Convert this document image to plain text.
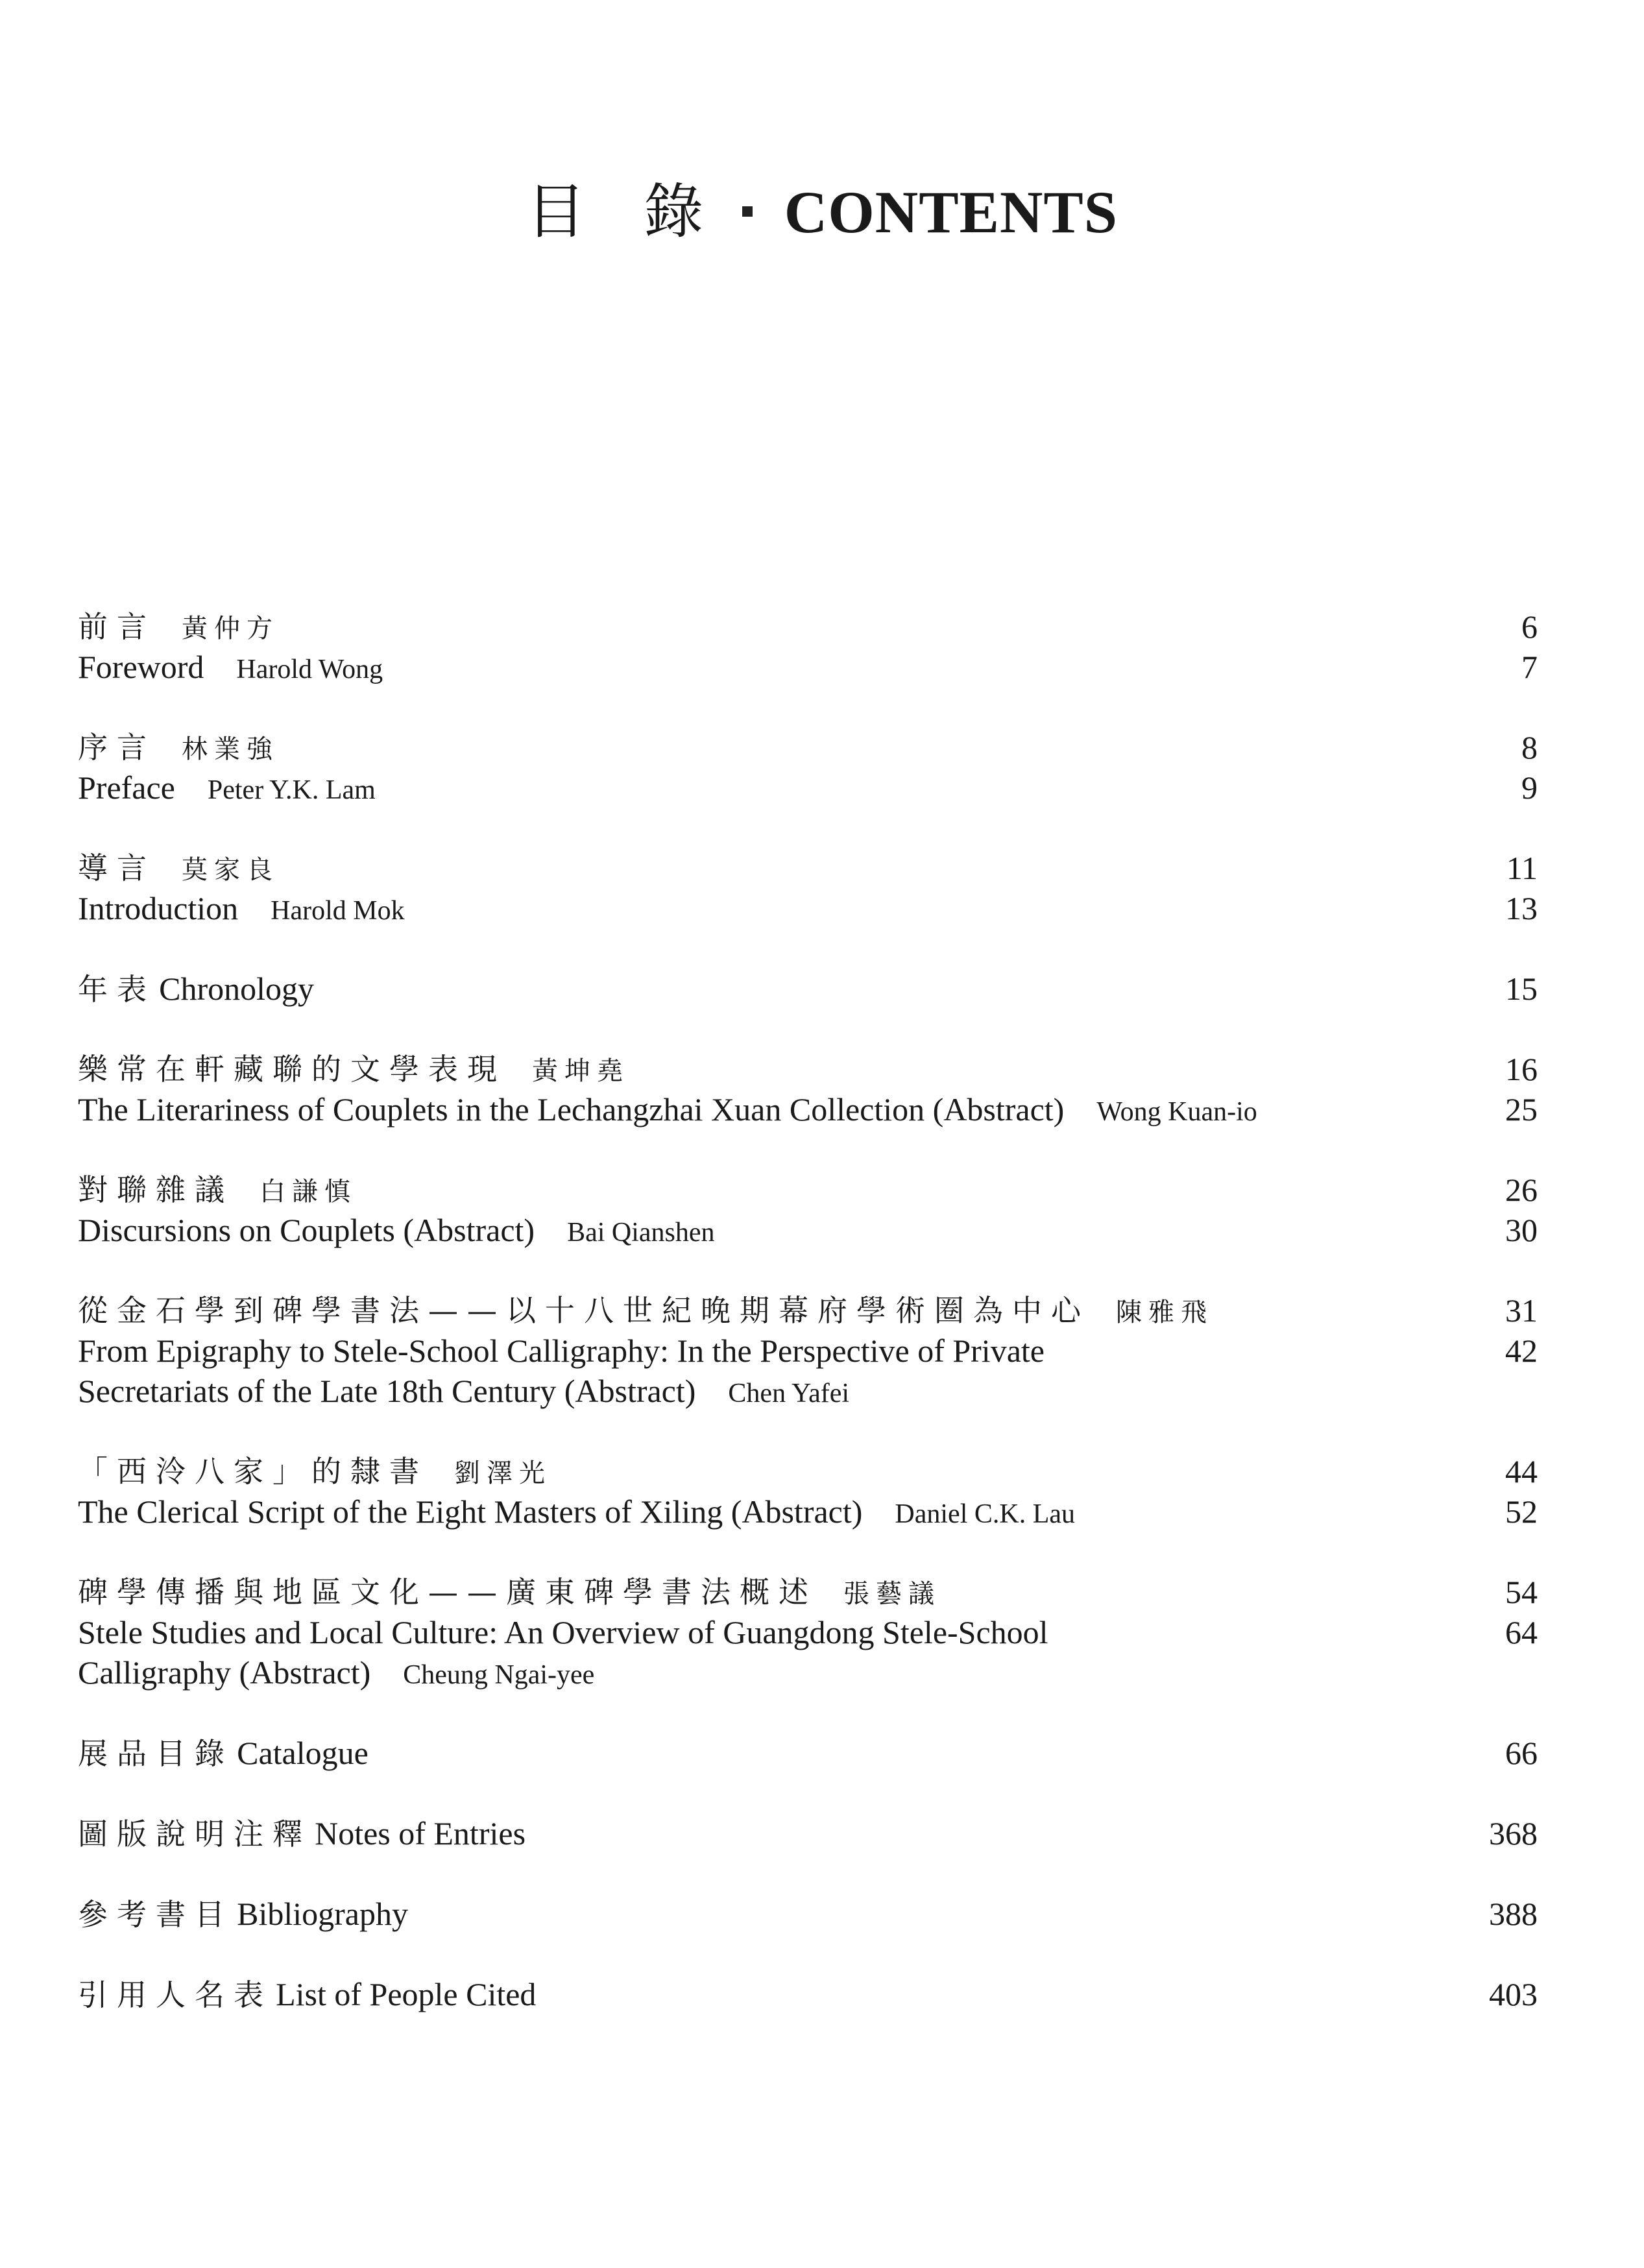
目 錄 CONTENTS
前言 黃仲方	6
Foreword Harold Wong	7
序言 林業強	8
Preface Peter Y.K. Lam	9
導言 莫家良	11
Introduction Harold Mok	13
年表 Chronology	15
樂常在軒藏聯的文學表現 黃坤堯	16
The Literariness of Couplets in the Lechangzhai Xuan Collection (Abstract) Wong Kuan-io	25
對聯雜議 白謙慎	26
Discursions on Couplets (Abstract) Bai Qianshen	30
從金石學到碑學書法——以十八世紀晚期幕府學術圈為中心 陳雅飛	31
From Epigraphy to Stele-School Calligraphy: In the Perspective of Private	42
Secretariats of the Late 18th Century (Abstract) Chen Yafei
「西泠八家」的隸書 劉澤光	44
The Clerical Script of the Eight Masters of Xiling (Abstract) Daniel C.K. Lau	52
碑學傳播與地區文化——廣東碑學書法概述 張藝議	54
Stele Studies and Local Culture: An Overview of Guangdong Stele-School	64
Calligraphy (Abstract) Cheung Ngai-yee
展品目錄 Catalogue	66
圖版說明注釋 Notes of Entries	368
參考書目 Bibliography	388
引用人名表 List of People Cited	403
